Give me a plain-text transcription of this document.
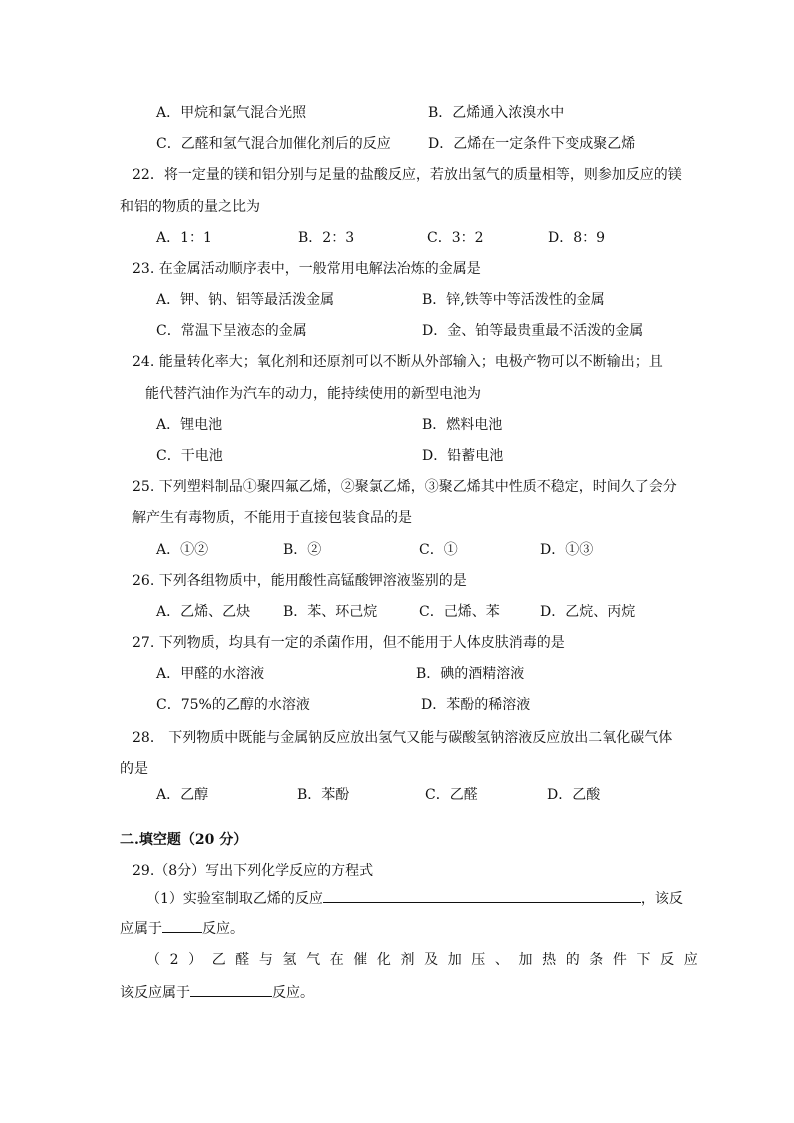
A．甲烷和氯气混合光照	B．乙烯通入浓溴水中
C．乙醛和氢气混合加催化剂后的反应	D．乙烯在一定条件下变成聚乙烯
22．将一定量的镁和铝分别与足量的盐酸反应，若放出氢气的质量相等，则参加反应的镁
和铝的物质的量之比为
A．1：1	B．2：3	C．3：2	D．8：9
23. 在金属活动顺序表中，一般常用电解法冶炼的金属是
A．钾、钠、铝等最活泼金属	B．锌,铁等中等活泼性的金属
C．常温下呈液态的金属	D．金、铂等最贵重最不活泼的金属
24. 能量转化率大；氧化剂和还原剂可以不断从外部输入；电极产物可以不断输出；且
能代替汽油作为汽车的动力，能持续使用的新型电池为
A．锂电池	B．燃料电池
C．干电池	D．铅蓄电池
25. 下列塑料制品①聚四氟乙烯，②聚氯乙烯，③聚乙烯其中性质不稳定，时间久了会分
解产生有毒物质，不能用于直接包装食品的是
A．①②	B．②	C．①	D．①③
26. 下列各组物质中，能用酸性高锰酸钾溶液鉴别的是
A．乙烯、乙炔 B．苯、环己烷	C．己烯、苯	D．乙烷、丙烷
27. 下列物质，均具有一定的杀菌作用，但不能用于人体皮肤消毒的是
A．甲醛的水溶液	B．碘的酒精溶液
C．75%的乙醇的水溶液	D．苯酚的稀溶液
28． 下列物质中既能与金属钠反应放出氢气又能与碳酸氢钠溶液反应放出二氧化碳气体
的是
A．乙醇	B．苯酚	C．乙醛	D．乙酸
二.填空题（20 分）
29.（8分）写出下列化学反应的方程式
（1）实验室制取乙烯的反应	，该反
应属于	反应。
（2）乙醛与氢气在催化剂及加压、加热的条件下反应
该反应属于	反应。
